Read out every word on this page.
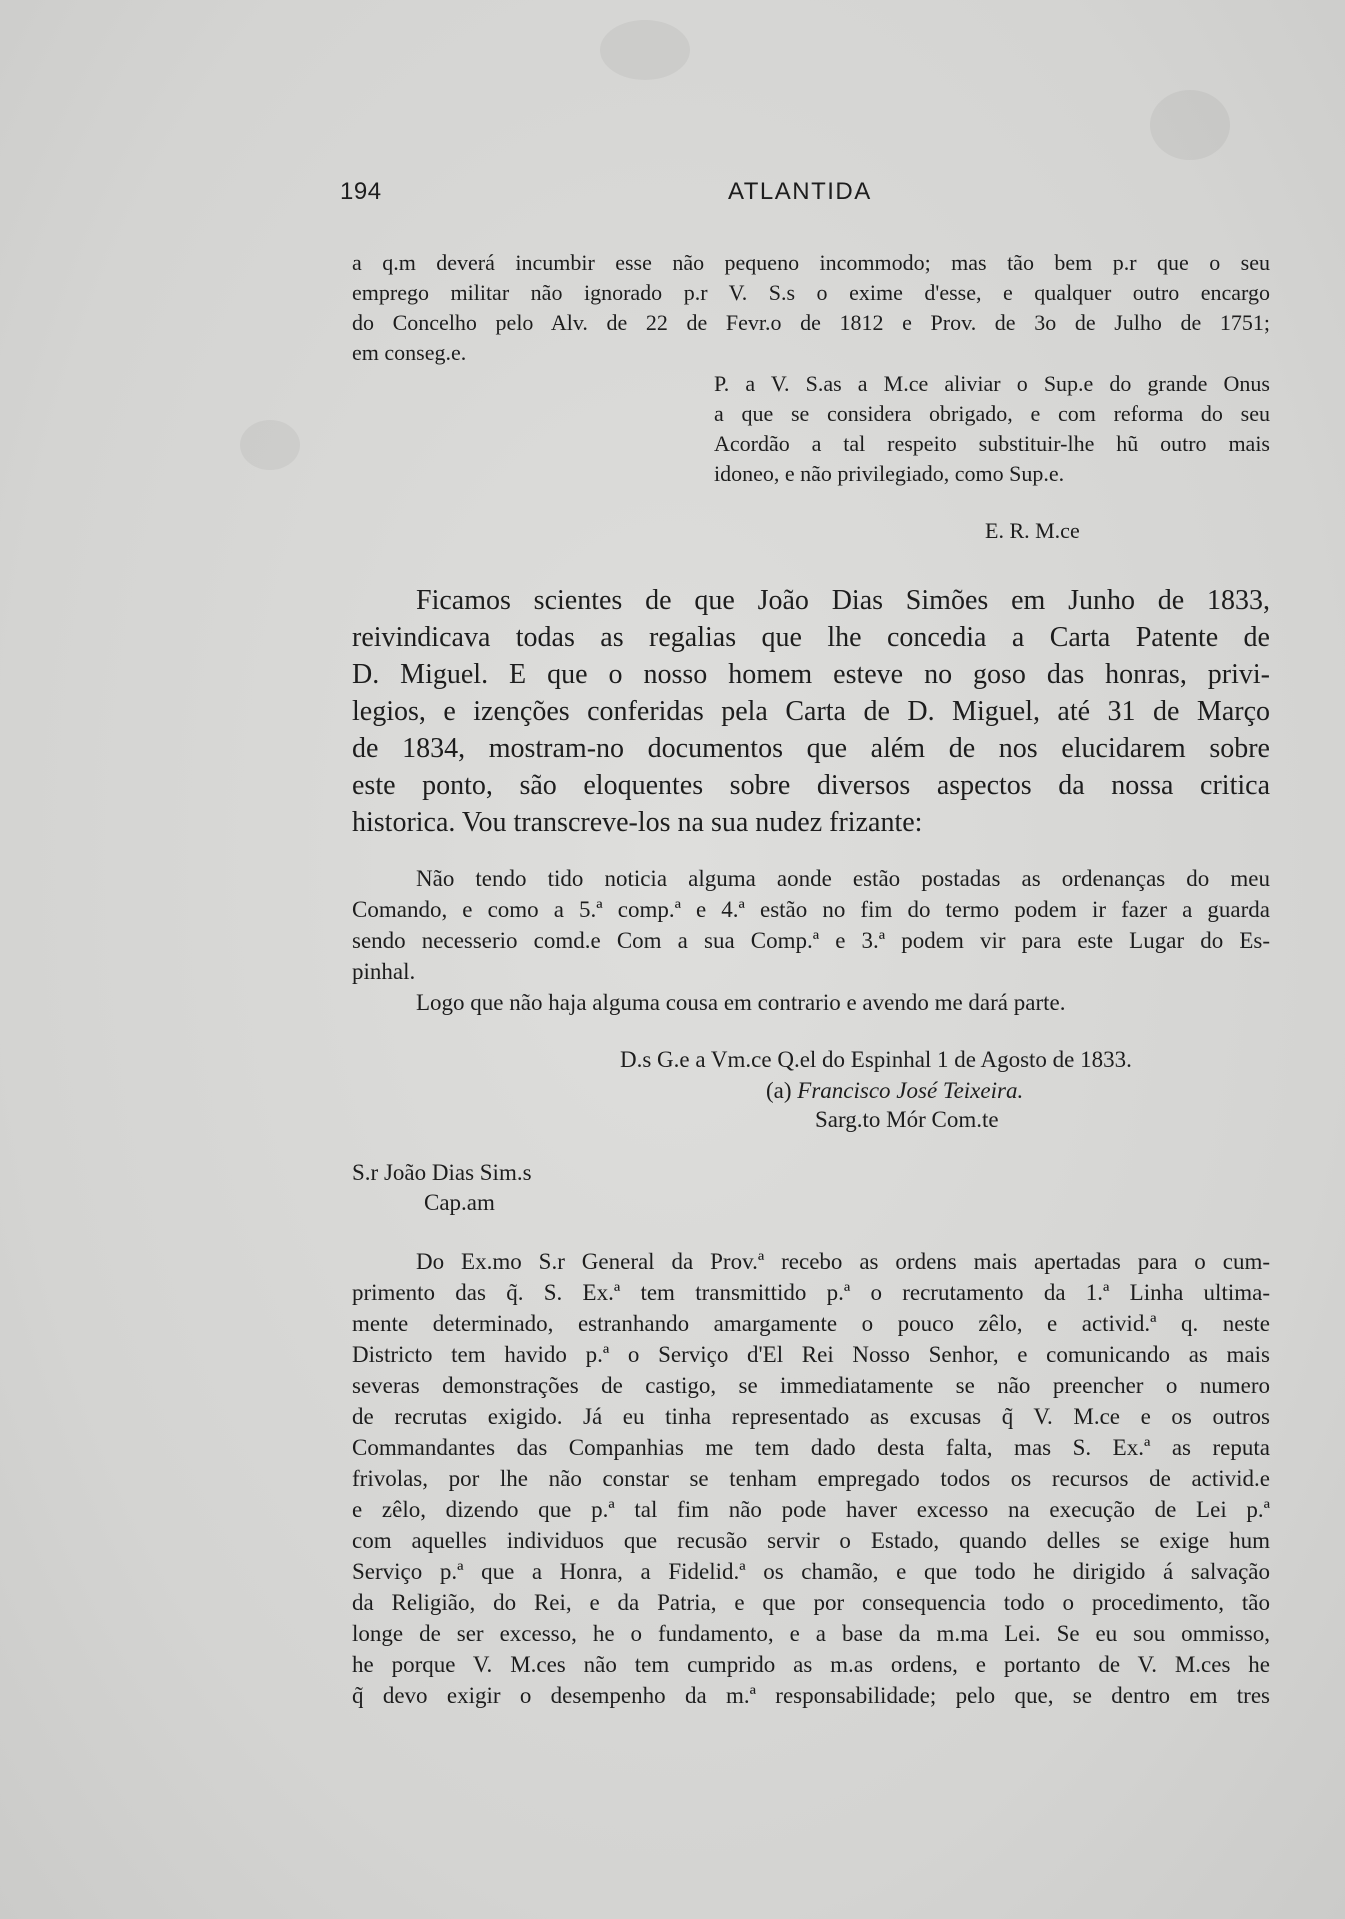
194	ATLANTIDA
a q.m deverá incumbir esse não pequeno incommodo; mas tão bem p.r que o seu
emprego militar não ignorado p.r V. S.s o exime d'esse, e qualquer outro encargo
do Concelho pelo Alv. de 22 de Fevr.o de 1812 e Prov. de 3o de Julho de 1751;
em conseg.e.
P. a V. S.as a M.ce aliviar o Sup.e do grande Onus
a que se considera obrigado, e com reforma do seu
Acordão a tal respeito substituir-lhe hũ outro mais
idoneo, e não privilegiado, como Sup.e.
E. R. M.ce
Ficamos scientes de que João Dias Simões em Junho de 1833,
reivindicava todas as regalias que lhe concedia a Carta Patente de
D. Miguel. E que o nosso homem esteve no goso das honras, privi-
legios, e izenções conferidas pela Carta de D. Miguel, até 31 de Março
de 1834, mostram-no documentos que além de nos elucidarem sobre
este ponto, são eloquentes sobre diversos aspectos da nossa critica
historica. Vou transcreve-los na sua nudez frizante:
Não tendo tido noticia alguma aonde estão postadas as ordenanças do meu
Comando, e como a 5.ª comp.ª e 4.ª estão no fim do termo podem ir fazer a guarda
sendo necesserio comd.e Com a sua Comp.ª e 3.ª podem vir para este Lugar do Es-
pinhal.
Logo que não haja alguma cousa em contrario e avendo me dará parte.
D.s G.e a Vm.ce Q.el do Espinhal 1 de Agosto de 1833.
(a) Francisco José Teixeira.
Sarg.to Mór Com.te
S.r João Dias Sim.s
Cap.am
Do Ex.mo S.r General da Prov.ª recebo as ordens mais apertadas para o cum-
primento das q̃. S. Ex.ª tem transmittido p.ª o recrutamento da 1.ª Linha ultima-
mente determinado, estranhando amargamente o pouco zêlo, e activid.ª q. neste
Districto tem havido p.ª o Serviço d'El Rei Nosso Senhor, e comunicando as mais
severas demonstrações de castigo, se immediatamente se não preencher o numero
de recrutas exigido. Já eu tinha representado as excusas q̃ V. M.ce e os outros
Commandantes das Companhias me tem dado desta falta, mas S. Ex.ª as reputa
frivolas, por lhe não constar se tenham empregado todos os recursos de activid.e
e zêlo, dizendo que p.ª tal fim não pode haver excesso na execução de Lei p.ª
com aquelles individuos que recusão servir o Estado, quando delles se exige hum
Serviço p.ª que a Honra, a Fidelid.ª os chamão, e que todo he dirigido á salvação
da Religião, do Rei, e da Patria, e que por consequencia todo o procedimento, tão
longe de ser excesso, he o fundamento, e a base da m.ma Lei. Se eu sou ommisso,
he porque V. M.ces não tem cumprido as m.as ordens, e portanto de V. M.ces he
q̃ devo exigir o desempenho da m.ª responsabilidade; pelo que, se dentro em tres
